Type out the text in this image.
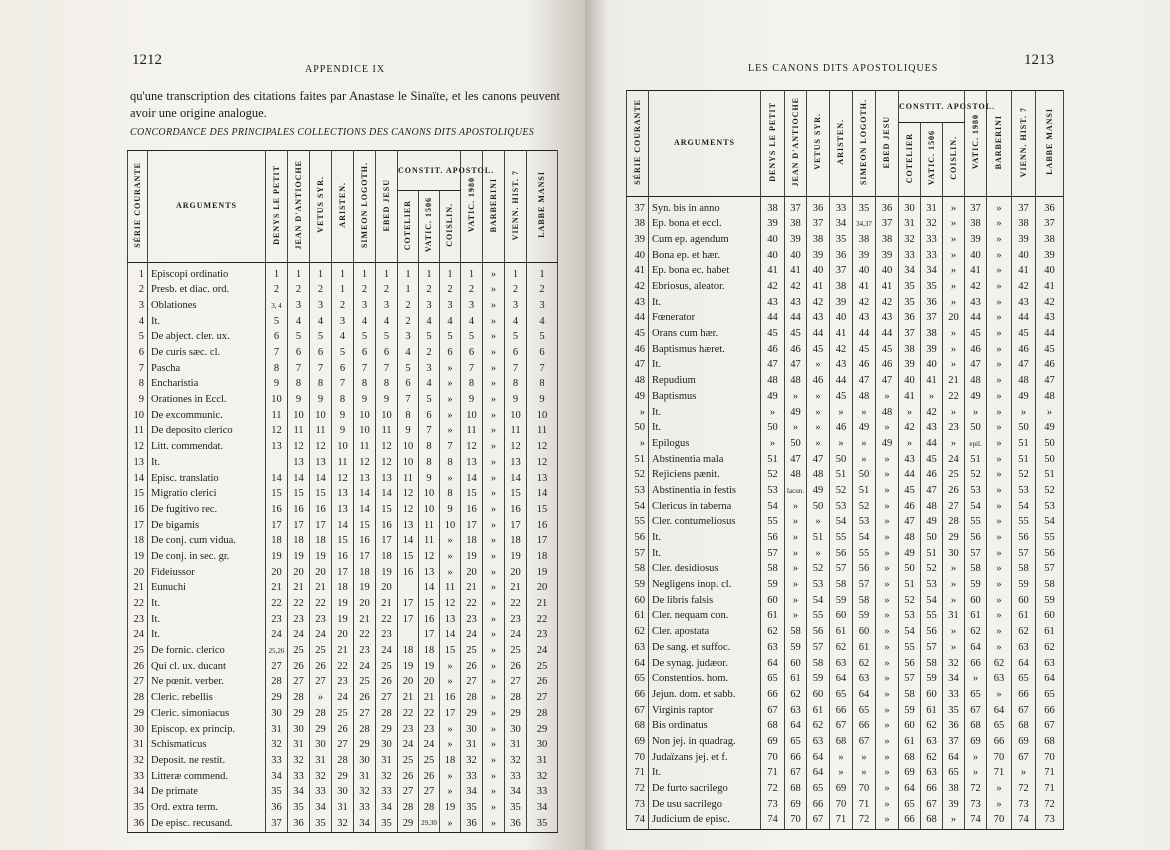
1212
APPENDICE IX
qu'une transcription des citations faites par Anastase le Sinaïte, et les canons peuvent avoir une origine analogue.
CONCORDANCE DES PRINCIPALES COLLECTIONS DES CANONS DITS APOSTOLIQUES
SÉRIE COURANTE	ARGUMENTS	DENYS LE PETIT	JEAN D'ANTIOCHE	VETUS SYR.	ARISTEN.	SIMEON LOGOTH.	EBED JESU	CONSTIT. APOSTOL.			VATIC. 1980	BARBERINI	VIENN. HIST. 7	LABBE MANSI
								COTELIER	VATIC. 1506	COISLIN.				
1	Episcopi ordinatio	1	1	1	1	1	1	1	1	1	1	»	1	1
2	Presb. et diac. ord.	2	2	2	1	2	2	1	2	2	2	»	2	2
3	Oblationes	3, 4	3	3	2	3	3	2	3	3	3	»	3	3
4	It.	5	4	4	3	4	4	2	4	4	4	»	4	4
5	De abject. cler. ux.	6	5	5	4	5	5	3	5	5	5	»	5	5
6	De curis sæc. cl.	7	6	6	5	6	6	4	2	6	6	»	6	6
7	Pascha	8	7	7	6	7	7	5	3	»	7	»	7	7
8	Encharistia	9	8	8	7	8	8	6	4	»	8	»	8	8
9	Orationes in Eccl.	10	9	9	8	9	9	7	5	»	9	»	9	9
10	De excommunic.	11	10	10	9	10	10	8	6	»	10	»	10	10
11	De deposito clerico	12	11	11	9	10	11	9	7	»	11	»	11	11
12	Litt. commendat.	13	12	12	10	11	12	10	8	7	12	»	12	12
13	It.		13	13	11	12	12	10	8	8	13	»	13	12
14	Episc. translatio	14	14	14	12	13	13	11	9	»	14	»	14	13
15	Migratio clerici	15	15	15	13	14	14	12	10	8	15	»	15	14
16	De fugitivo rec.	16	16	16	13	14	15	12	10	9	16	»	16	15
17	De bigamis	17	17	17	14	15	16	13	11	10	17	»	17	16
18	De conj. cum vidua.	18	18	18	15	16	17	14	11	»	18	»	18	17
19	De conj. in sec. gr.	19	19	19	16	17	18	15	12	»	19	»	19	18
20	Fideiussor	20	20	20	17	18	19	16	13	»	20	»	20	19
21	Eunuchi	21	21	21	18	19	20		14	11	21	»	21	20
22	It.	22	22	22	19	20	21	17	15	12	22	»	22	21
23	It.	23	23	23	19	21	22	17	16	13	23	»	23	22
24	It.	24	24	24	20	22	23		17	14	24	»	24	23
25	De fornic. clerico	25,26	25	25	21	23	24	18	18	15	25	»	25	24
26	Qui cl. ux. ducant	27	26	26	22	24	25	19	19	»	26	»	26	25
27	Ne pœnit. verber.	28	27	27	23	25	26	20	20	»	27	»	27	26
28	Cleric. rebellis	29	28	»	24	26	27	21	21	16	28	»	28	27
29	Cleric. simoniacus	30	29	28	25	27	28	22	22	17	29	»	29	28
30	Episcop. ex princip.	31	30	29	26	28	29	23	23	»	30	»	30	29
31	Schismaticus	32	31	30	27	29	30	24	24	»	31	»	31	30
32	Deposit. ne restit.	33	32	31	28	30	31	25	25	18	32	»	32	31
33	Litteræ commend.	34	33	32	29	31	32	26	26	»	33	»	33	32
34	De primate	35	34	33	30	32	33	27	27	»	34	»	34	33
35	Ord. extra term.	36	35	34	31	33	34	28	28	19	35	»	35	34
36	De episc. recusand.	37	36	35	32	34	35	29	29,30	»	36	»	36	35
LES CANONS DITS APOSTOLIQUES
1213
SÉRIE COURANTE	ARGUMENTS	DENYS LE PETIT	JEAN D'ANTIOCHE	VETUS SYR.	ARISTEN.	SIMEON LOGOTH.	EBED JESU	CONSTIT. APOSTOL.			VATIC. 1980	BARBERINI	VIENN. HIST. 7	LABBE MANSI
								COTELIER	VATIC. 1506	COISLIN.				
37	Syn. bis in anno	38	37	36	33	35	36	30	31	»	37	»	37	36
38	Ep. bona et eccl.	39	38	37	34	34,37	37	31	32	»	38	»	38	37
39	Cum ep. agendum	40	39	38	35	38	38	32	33	»	39	»	39	38
40	Bona ep. et hær.	40	40	39	36	39	39	33	33	»	40	»	40	39
41	Ep. bona ec. habet	41	41	40	37	40	40	34	34	»	41	»	41	40
42	Ebriosus, aleator.	42	42	41	38	41	41	35	35	»	42	»	42	41
43	It.	43	43	42	39	42	42	35	36	»	43	»	43	42
44	Fœnerator	44	44	43	40	43	43	36	37	20	44	»	44	43
45	Orans cum hær.	45	45	44	41	44	44	37	38	»	45	»	45	44
46	Baptismus hæret.	46	46	45	42	45	45	38	39	»	46	»	46	45
47	It.	47	47	»	43	46	46	39	40	»	47	»	47	46
48	Repudium	48	48	46	44	47	47	40	41	21	48	»	48	47
49	Baptismus	49	»	»	45	48	»	41	»	22	49	»	49	48
»	It.	»	49	»	»	»	48	»	42	»	»	»	»	»
50	It.	50	»	»	46	49	»	42	43	23	50	»	50	49
»	Epilogus	»	50	»	»	»	49	»	44	»	epil.	»	51	50
51	Abstinentia mala	51	47	47	50	»	»	43	45	24	51	»	51	50
52	Rejiciens pænit.	52	48	48	51	50	»	44	46	25	52	»	52	51
53	Abstinentia in festis	53	lacun.	49	52	51	»	45	47	26	53	»	53	52
54	Clericus in taberna	54	»	50	53	52	»	46	48	27	54	»	54	53
55	Cler. contumeliosus	55	»	»	54	53	»	47	49	28	55	»	55	54
56	It.	56	»	51	55	54	»	48	50	29	56	»	56	55
57	It.	57	»	»	56	55	»	49	51	30	57	»	57	56
58	Cler. desidiosus	58	»	52	57	56	»	50	52	»	58	»	58	57
59	Negligens inop. cl.	59	»	53	58	57	»	51	53	»	59	»	59	58
60	De libris falsis	60	»	54	59	58	»	52	54	»	60	»	60	59
61	Cler. nequam con.	61	»	55	60	59	»	53	55	31	61	»	61	60
62	Cler. apostata	62	58	56	61	60	»	54	56	»	62	»	62	61
63	De sang. et suffoc.	63	59	57	62	61	»	55	57	»	64	»	63	62
64	De synag. judæor.	64	60	58	63	62	»	56	58	32	66	62	64	63
65	Constentios. hom.	65	61	59	64	63	»	57	59	34	»	63	65	64
66	Jejun. dom. et sabb.	66	62	60	65	64	»	58	60	33	65	»	66	65
67	Virginis raptor	67	63	61	66	65	»	59	61	35	67	64	67	66
68	Bis ordinatus	68	64	62	67	66	»	60	62	36	68	65	68	67
69	Non jej. in quadrag.	69	65	63	68	67	»	61	63	37	69	66	69	68
70	Judaïzans jej. et f.	70	66	64	»	»	»	68	62	64	»	70	67	70
71	It.	71	67	64	»	»	»	69	63	65	»	71	»	71
72	De furto sacrilego	72	68	65	69	70	»	64	66	38	72	»	72	71
73	De usu sacrilego	73	69	66	70	71	»	65	67	39	73	»	73	72
74	Judicium de episc.	74	70	67	71	72	»	66	68	»	74	70	74	73
